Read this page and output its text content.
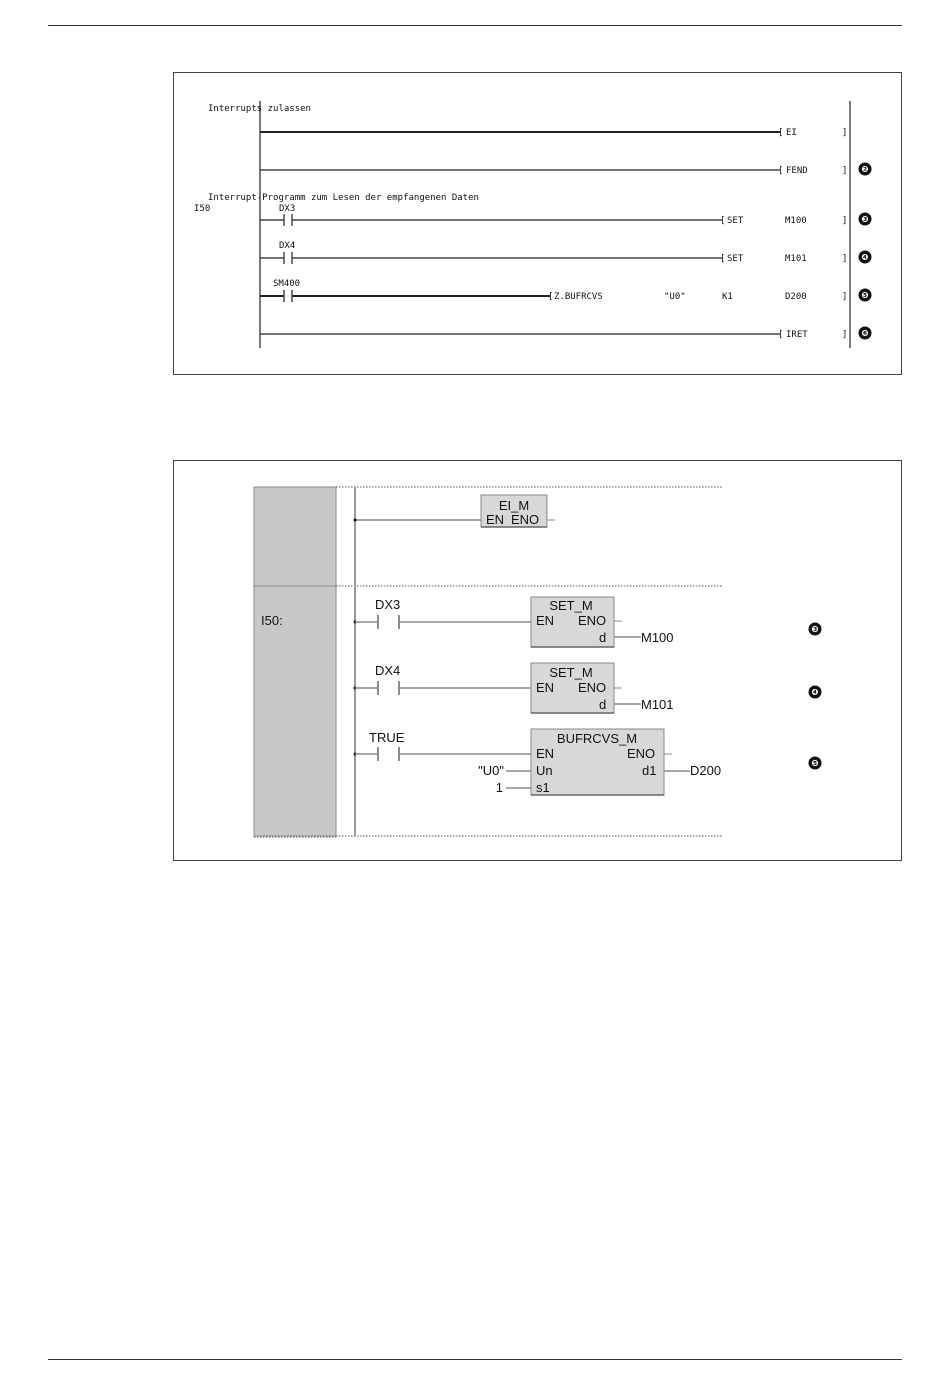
Interrupts zulassen
Interrupt-Programm zum Lesen der empfangenen Daten
I50
[ EI	]
[ FEND	] ❷
DX3
[ SET	M100	] ❸
DX4
[ SET	M101	] ❹
SM400
[ Z.BUFRCVS	"U0"	K1	D200	] ❺
[ IRET	] ❻
I50:
EI_M
EN ENO
DX3	SET_M
EN ENO
d	M100	❸
DX4	SET_M
EN ENO
d	M101
❹
TRUE	BUFRCVS_M
EN	ENO
Un	d1
s1
"U0"
1
D200	❺
